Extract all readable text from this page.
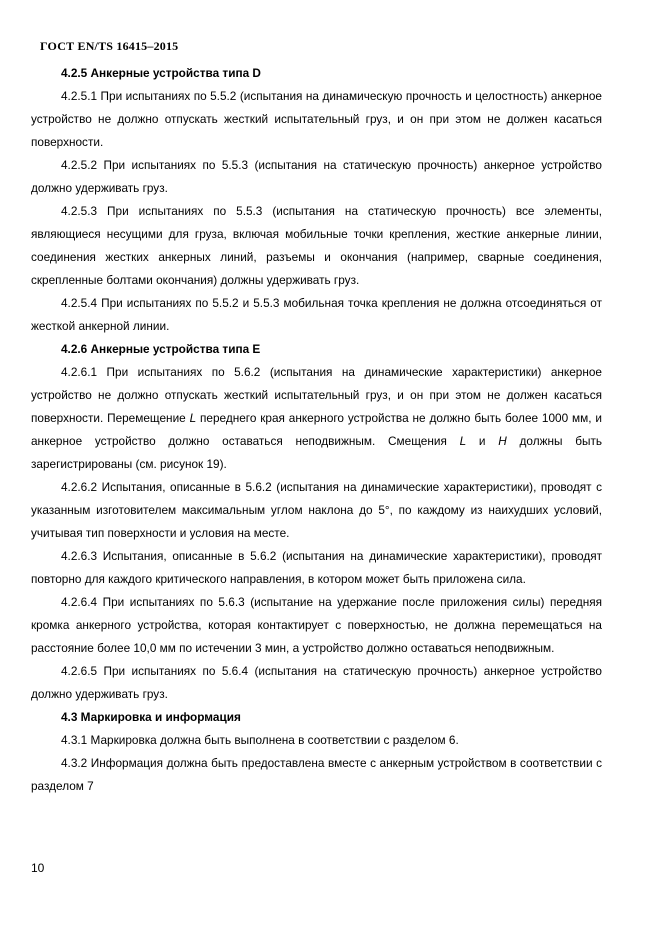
ГОСТ EN/TS 16415–2015

4.2.5 Анкерные устройства типа D

4.2.5.1 При испытаниях по 5.5.2 (испытания на динамическую прочность и целостность) анкерное устройство не должно отпускать жесткий испытательный груз, и он при этом не должен касаться поверхности.

4.2.5.2 При испытаниях по 5.5.3 (испытания на статическую прочность) анкерное устройство должно удерживать груз.

4.2.5.3 При испытаниях по 5.5.3 (испытания на статическую прочность) все элементы, являющиеся несущими для груза, включая мобильные точки крепления, жесткие анкерные линии, соединения жестких анкерных линий, разъемы и окончания (например, сварные соединения, скрепленные болтами окончания) должны удерживать груз.

4.2.5.4 При испытаниях по 5.5.2 и 5.5.3 мобильная точка крепления не должна отсоединяться от жесткой анкерной линии.

4.2.6 Анкерные устройства типа E

4.2.6.1 При испытаниях по 5.6.2 (испытания на динамические характеристики) анкерное устройство не должно отпускать жесткий испытательный груз, и он при этом не должен касаться поверхности. Перемещение L переднего края анкерного устройства не должно быть более 1000 мм, и анкерное устройство должно оставаться неподвижным. Смещения L и H должны быть зарегистрированы (см. рисунок 19).

4.2.6.2 Испытания, описанные в 5.6.2 (испытания на динамические характеристики), проводят с указанным изготовителем максимальным углом наклона до 5°, по каждому из наихудших условий, учитывая тип поверхности и условия на месте.

4.2.6.3 Испытания, описанные в 5.6.2 (испытания на динамические характеристики), проводят повторно для каждого критического направления, в котором может быть приложена сила.

4.2.6.4 При испытаниях по 5.6.3 (испытание на удержание после приложения силы) передняя кромка анкерного устройства, которая контактирует с поверхностью, не должна перемещаться на расстояние более 10,0 мм по истечении 3 мин, а устройство должно оставаться неподвижным.

4.2.6.5 При испытаниях по 5.6.4 (испытания на статическую прочность) анкерное устройство должно удерживать груз.

4.3 Маркировка и информация

4.3.1 Маркировка должна быть выполнена в соответствии с разделом 6.

4.3.2 Информация должна быть предоставлена вместе с анкерным устройством в соответствии с разделом 7

10
